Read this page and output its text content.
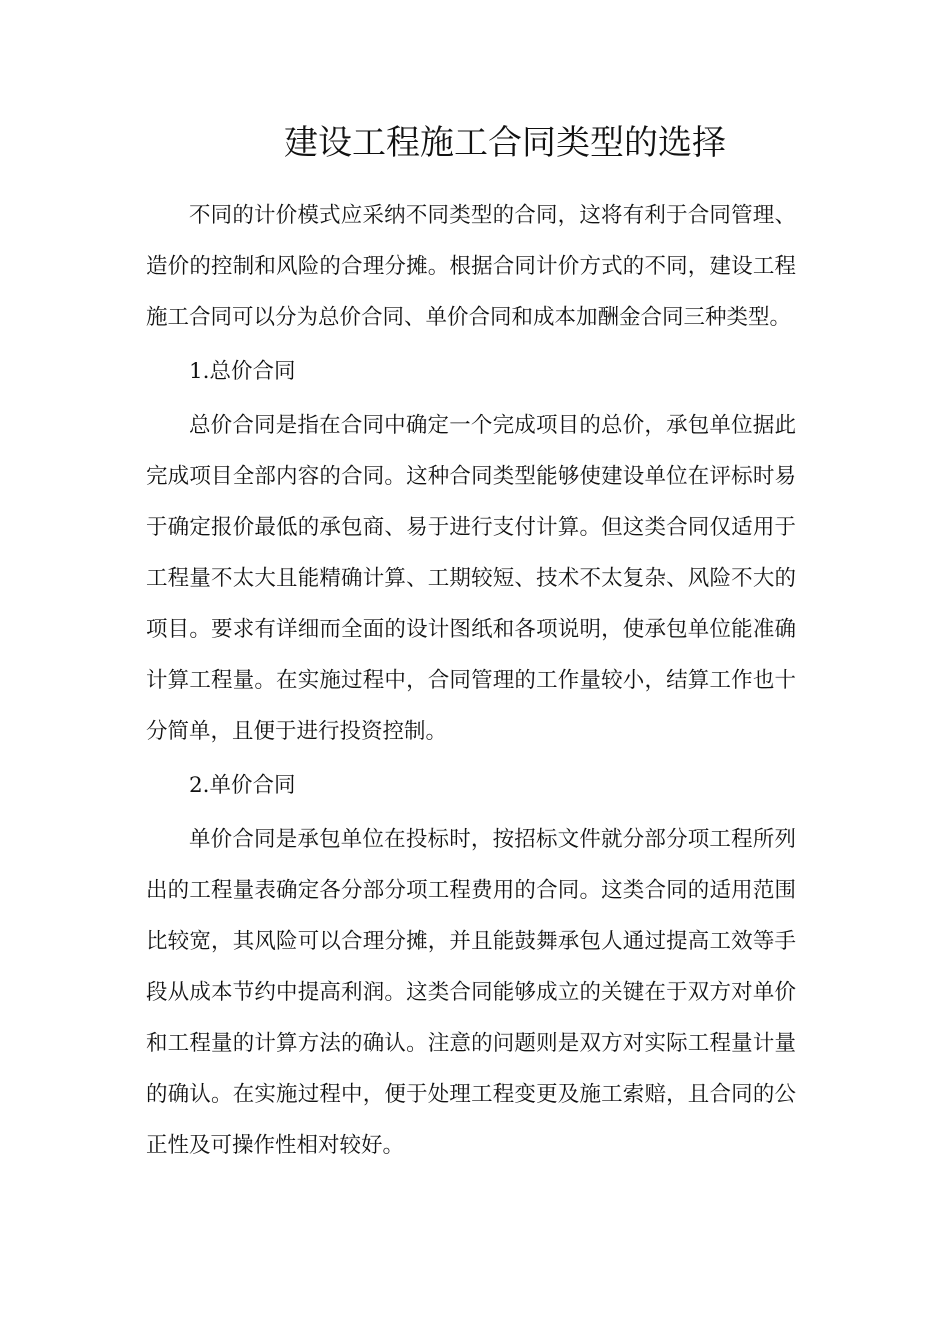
建设工程施工合同类型的选择

不同的计价模式应采纳不同类型的合同，这将有利于合同管理、造价的控制和风险的合理分摊。根据合同计价方式的不同，建设工程施工合同可以分为总价合同、单价合同和成本加酬金合同三种类型。

1.总价合同

总价合同是指在合同中确定一个完成项目的总价，承包单位据此完成项目全部内容的合同。这种合同类型能够使建设单位在评标时易于确定报价最低的承包商、易于进行支付计算。但这类合同仅适用于工程量不太大且能精确计算、工期较短、技术不太复杂、风险不大的项目。要求有详细而全面的设计图纸和各项说明，使承包单位能准确计算工程量。在实施过程中，合同管理的工作量较小，结算工作也十分简单，且便于进行投资控制。

2.单价合同

单价合同是承包单位在投标时，按招标文件就分部分项工程所列出的工程量表确定各分部分项工程费用的合同。这类合同的适用范围比较宽，其风险可以合理分摊，并且能鼓舞承包人通过提高工效等手段从成本节约中提高利润。这类合同能够成立的关键在于双方对单价和工程量的计算方法的确认。注意的问题则是双方对实际工程量计量的确认。在实施过程中，便于处理工程变更及施工索赔，且合同的公正性及可操作性相对较好。
